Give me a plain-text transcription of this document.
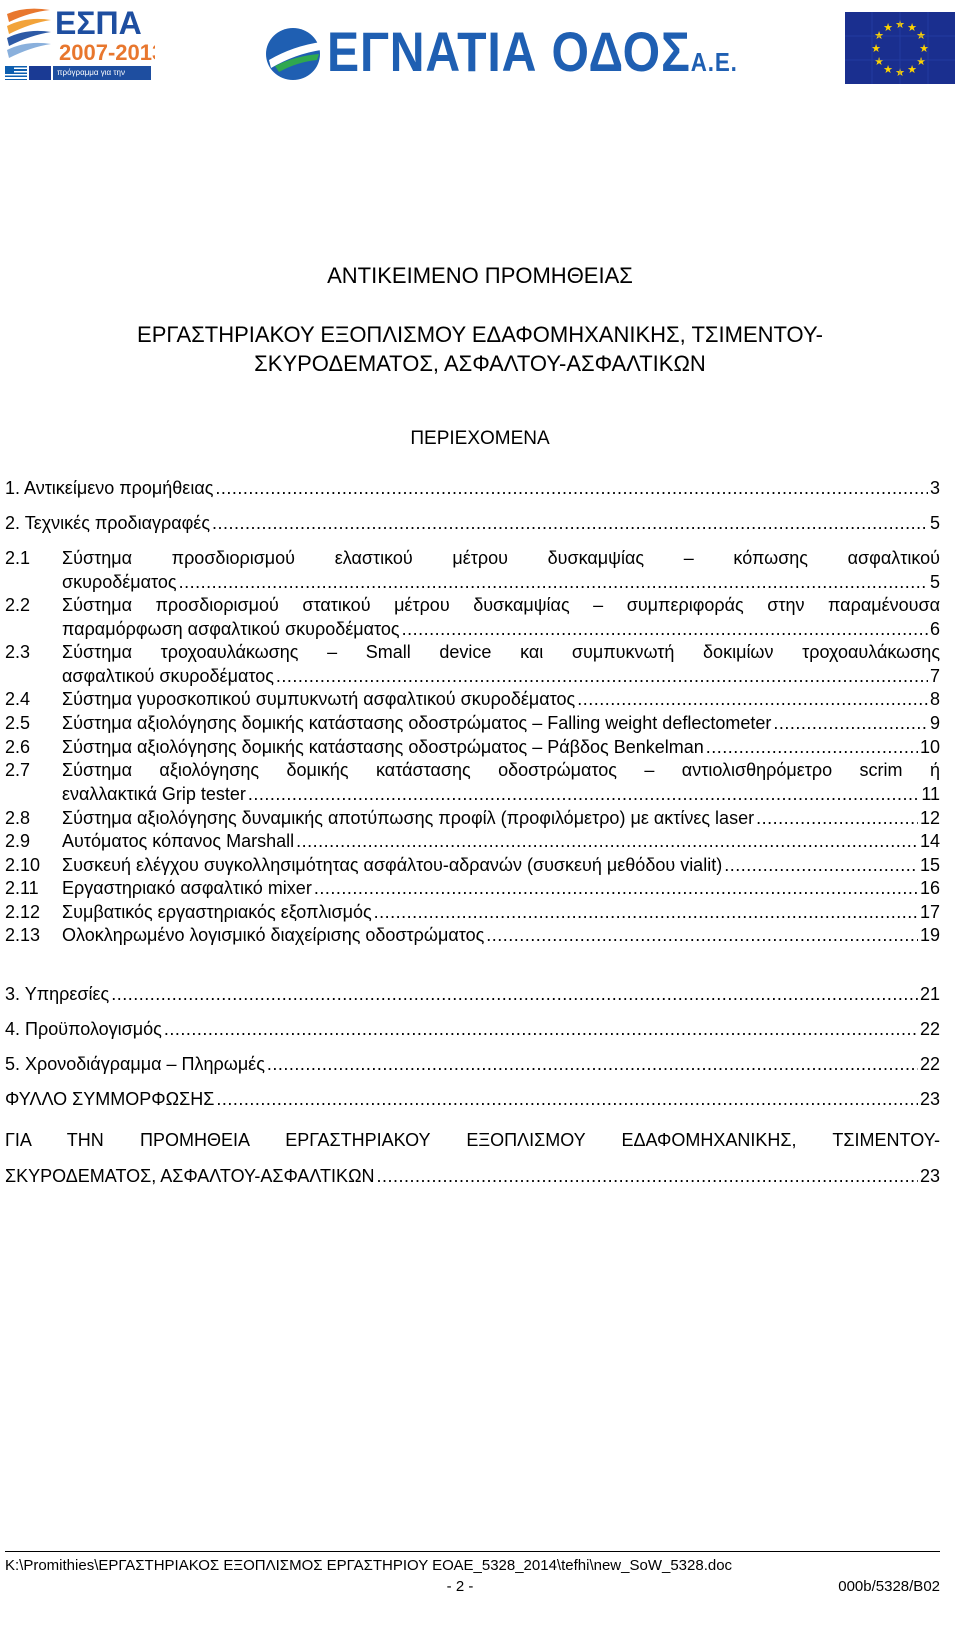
ΕΣΠΑ
2007-2013
πρόγραμμα για την ανάπτυξη
ΕΓΝΑΤΙΑ ΟΔΟΣΑ.Ε.
★ ★
★
★
★
★
★
★
★
★
★
★
ΑΝΤΙΚΕΙΜΕΝΟ ΠΡΟΜΗΘΕΙΑΣ
ΕΡΓΑΣΤΗΡΙΑΚΟΥ ΕΞΟΠΛΙΣΜΟΥ ΕΔΑΦΟΜΗΧΑΝΙΚΗΣ, ΤΣΙΜΕΝΤΟΥ-
ΣΚΥΡΟΔΕΜΑΤΟΣ, ΑΣΦΑΛΤΟΥ-ΑΣΦΑΛΤΙΚΩΝ
ΠΕΡΙΕΧΟΜΕΝΑ
1. Αντικείμενο προμήθειας .....	3
2. Τεχνικές προδιαγραφές .....	5
2.1 Σύστημα προσδιορισμού ελαστικού μέτρου δυσκαμψίας – κόπωσης ασφαλτικού
σκυροδέματος .....	5
2.2 Σύστημα προσδιορισμού στατικού μέτρου δυσκαμψίας – συμπεριφοράς στην παραμένουσα
παραμόρφωση ασφαλτικού σκυροδέματος .....	6
2.3 Σύστημα τροχοαυλάκωσης – Small device και συμπυκνωτή δοκιμίων τροχοαυλάκωσης
ασφαλτικού σκυροδέματος .....	7
2.4 Σύστημα γυροσκοπικού συμπυκνωτή ασφαλτικού σκυροδέματος .....	8
2.5 Σύστημα αξιολόγησης δομικής κατάστασης οδοστρώματος – Falling weight deflectometer .....	9
2.6 Σύστημα αξιολόγησης δομικής κατάστασης οδοστρώματος – Ράβδος Benkelman .....	10
2.7 Σύστημα αξιολόγησης δομικής κατάστασης οδοστρώματος – αντιολισθηρόμετρο scrim ή
εναλλακτικά Grip tester .....	11
2.8 Σύστημα αξιολόγησης δυναμικής αποτύπωσης προφίλ (προφιλόμετρο) με ακτίνες laser .....	12
2.9 Αυτόματος κόπανος Marshall .....	14
2.10 Συσκευή ελέγχου συγκολλησιμότητας ασφάλτου-αδρανών (συσκευή μεθόδου vialit) .....	15
2.11 Εργαστηριακό ασφαλτικό mixer .....	16
2.12 Συμβατικός εργαστηριακός εξοπλισμός .....	17
2.13 Ολοκληρωμένο λογισμικό διαχείρισης οδοστρώματος .....	19
3. Υπηρεσίες .....	21
4. Προϋπολογισμός .....	22
5. Χρονοδιάγραμμα – Πληρωμές .....	22
ΦΥΛΛΟ ΣΥΜΜΟΡΦΩΣΗΣ .....	23
ΓΙΑ ΤΗΝ ΠΡΟΜΗΘΕΙΑ ΕΡΓΑΣΤΗΡΙΑΚΟΥ ΕΞΟΠΛΙΣΜΟΥ ΕΔΑΦΟΜΗΧΑΝΙΚΗΣ, ΤΣΙΜΕΝΤΟΥ-
ΣΚΥΡΟΔΕΜΑΤΟΣ, ΑΣΦΑΛΤΟΥ-ΑΣΦΑΛΤΙΚΩΝ .....	23
K:\Promithies\ΕΡΓΑΣΤΗΡΙΑΚΟΣ ΕΞΟΠΛΙΣΜΟΣ ΕΡΓΑΣΤΗΡΙΟΥ ΕΟΑΕ_5328_2014\tefhi\new_SoW_5328.doc
- 2 -	000b/5328/B02
